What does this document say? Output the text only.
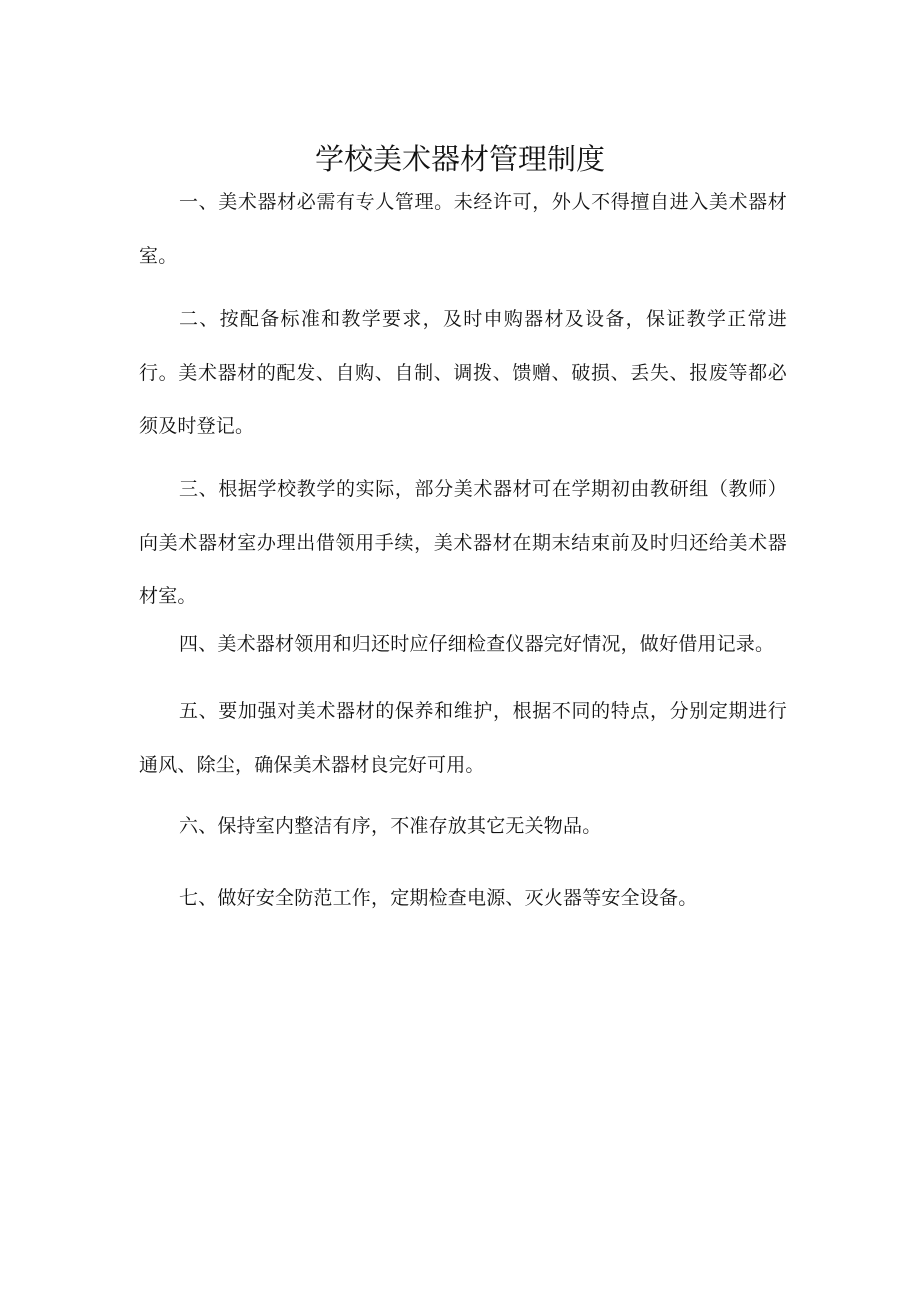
学校美术器材管理制度

一、美术器材必需有专人管理。未经许可，外人不得擅自进入美术器材室。

二、按配备标准和教学要求，及时申购器材及设备，保证教学正常进行。美术器材的配发、自购、自制、调拨、馈赠、破损、丢失、报废等都必须及时登记。

三、根据学校教学的实际，部分美术器材可在学期初由教研组（教师）向美术器材室办理出借领用手续，美术器材在期末结束前及时归还给美术器材室。

四、美术器材领用和归还时应仔细检查仪器完好情况，做好借用记录。

五、要加强对美术器材的保养和维护，根据不同的特点，分别定期进行通风、除尘，确保美术器材良完好可用。

六、保持室内整洁有序，不准存放其它无关物品。

七、做好安全防范工作，定期检查电源、灭火器等安全设备。
